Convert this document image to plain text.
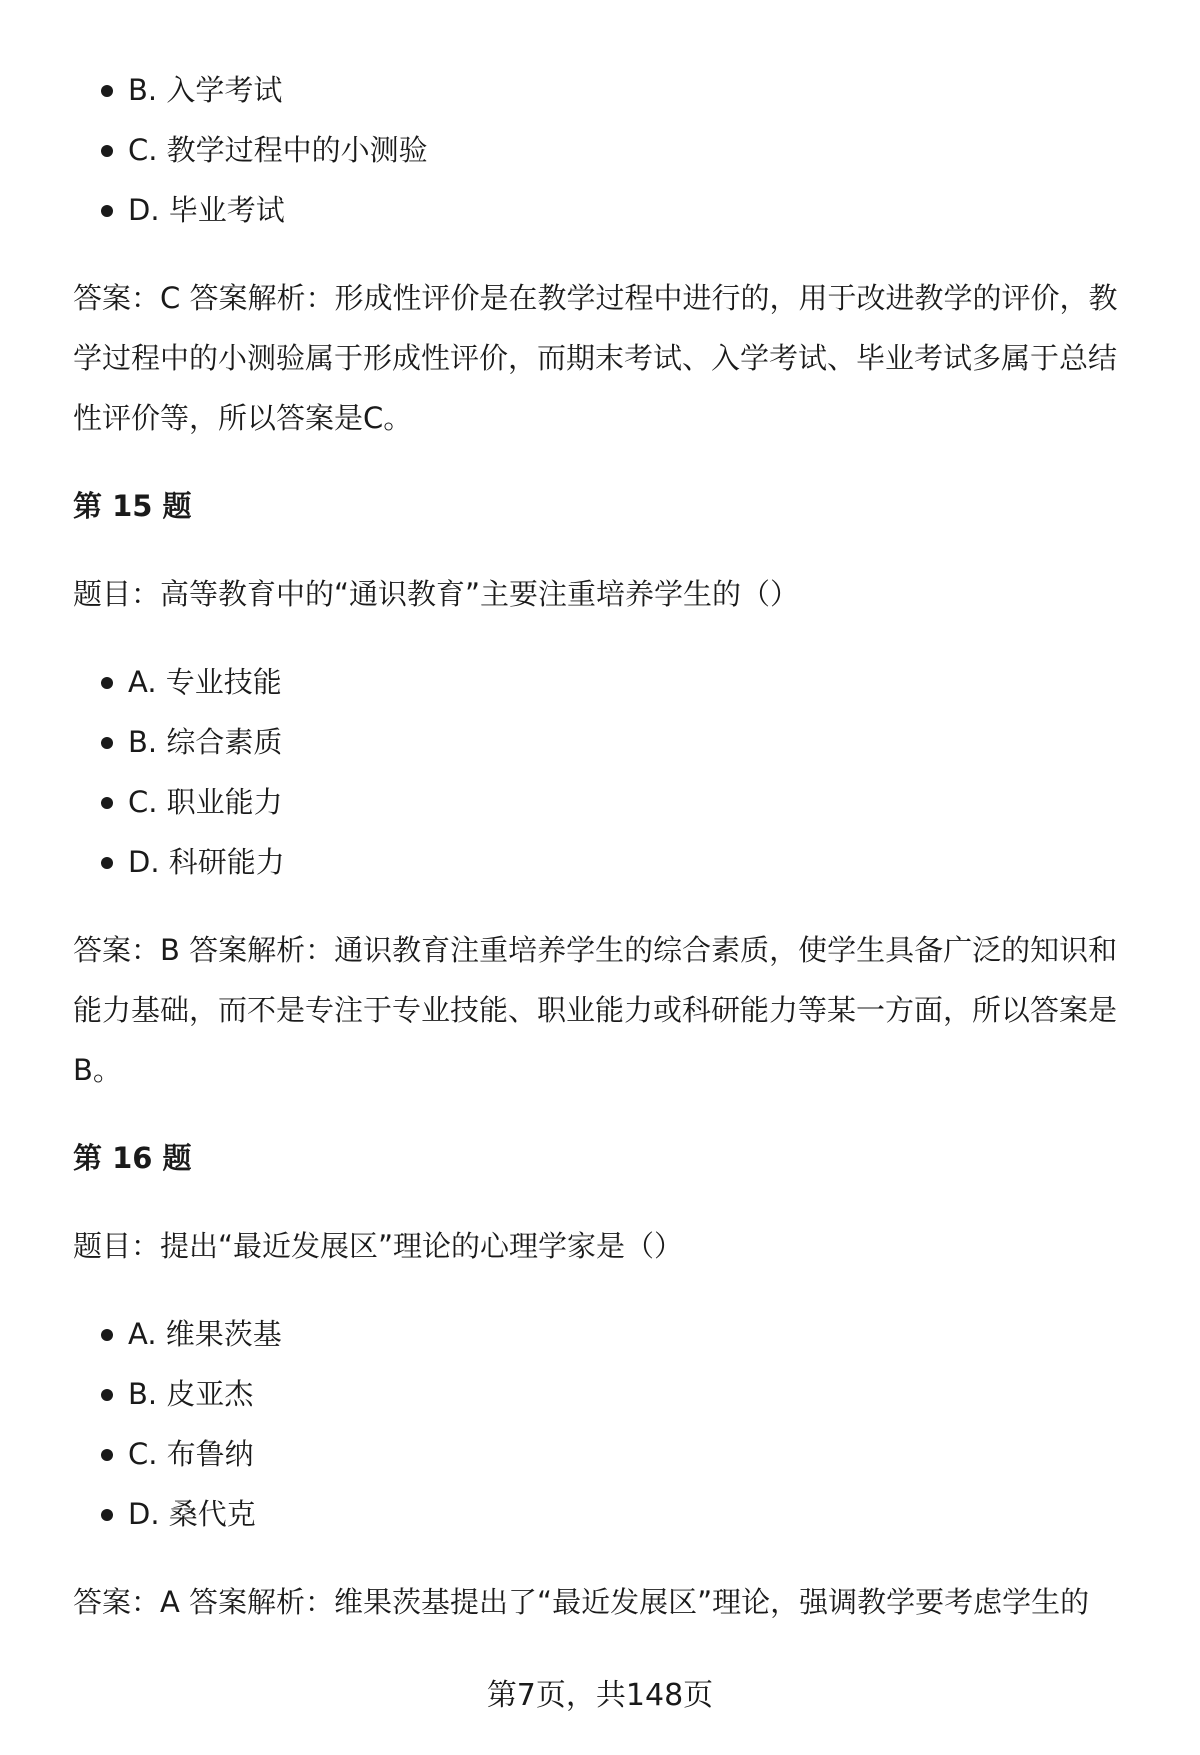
B. 入学考试
C. 教学过程中的小测验
D. 毕业考试

答案：C 答案解析：形成性评价是在教学过程中进行的，用于改进教学的评价，教学过程中的小测验属于形成性评价，而期末考试、入学考试、毕业考试多属于总结性评价等，所以答案是C。

第 15 题

题目：高等教育中的“通识教育”主要注重培养学生的（）

A. 专业技能
B. 综合素质
C. 职业能力
D. 科研能力

答案：B 答案解析：通识教育注重培养学生的综合素质，使学生具备广泛的知识和能力基础，而不是专注于专业技能、职业能力或科研能力等某一方面，所以答案是B。

第 16 题

题目：提出“最近发展区”理论的心理学家是（）

A. 维果茨基
B. 皮亚杰
C. 布鲁纳
D. 桑代克

答案：A 答案解析：维果茨基提出了“最近发展区”理论，强调教学要考虑学生的

第7页，共148页
